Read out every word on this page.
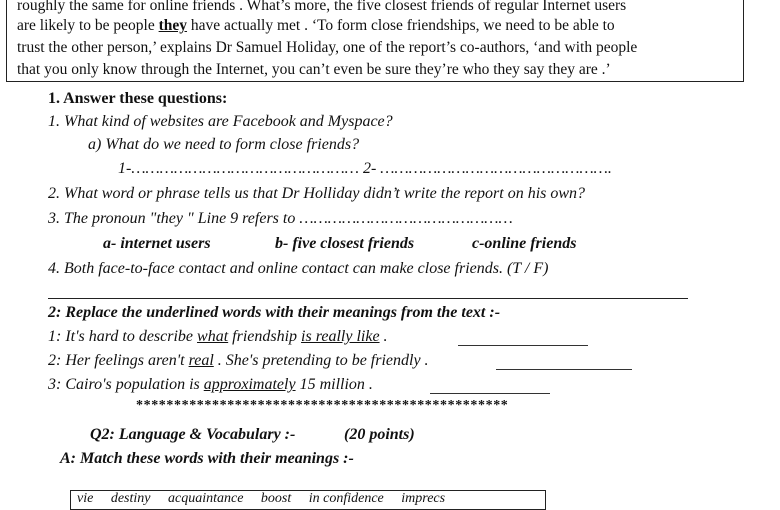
roughly the same for online friends . What’s more, the five closest friends of regular Internet users
are likely to be people they have actually met . ‘To form close friendships, we need to be able to
trust the other person,’ explains Dr Samuel Holiday, one of the report’s co-authors, ‘and with people
that you only know through the Internet, you can’t even be sure they’re who they say they are .’
1. Answer these questions:
1. What kind of websites are Facebook and Myspace?
a) What do we need to form close friends?
1-………………………………………… 2- ………………………………………….
2. What word or phrase tells us that Dr Holliday didn’t write the report on his own?
3. The pronoun "they " Line 9 refers to ………………………………………
a- internet users	b- five closest friends	c-online friends
4. Both face-to-face contact and online contact can make close friends. (T / F)
2: Replace the underlined words with their meanings from the text :-
1: It's hard to describe what friendship is really like .
2: Her feelings aren't real . She's pretending to be friendly .
3: Cairo's population is approximately 15 million .
*************************************************
Q2: Language & Vocabulary :-	(20 points)
A: Match these words with their meanings :-
vie destiny acquaintance boost in confidence imprecs
